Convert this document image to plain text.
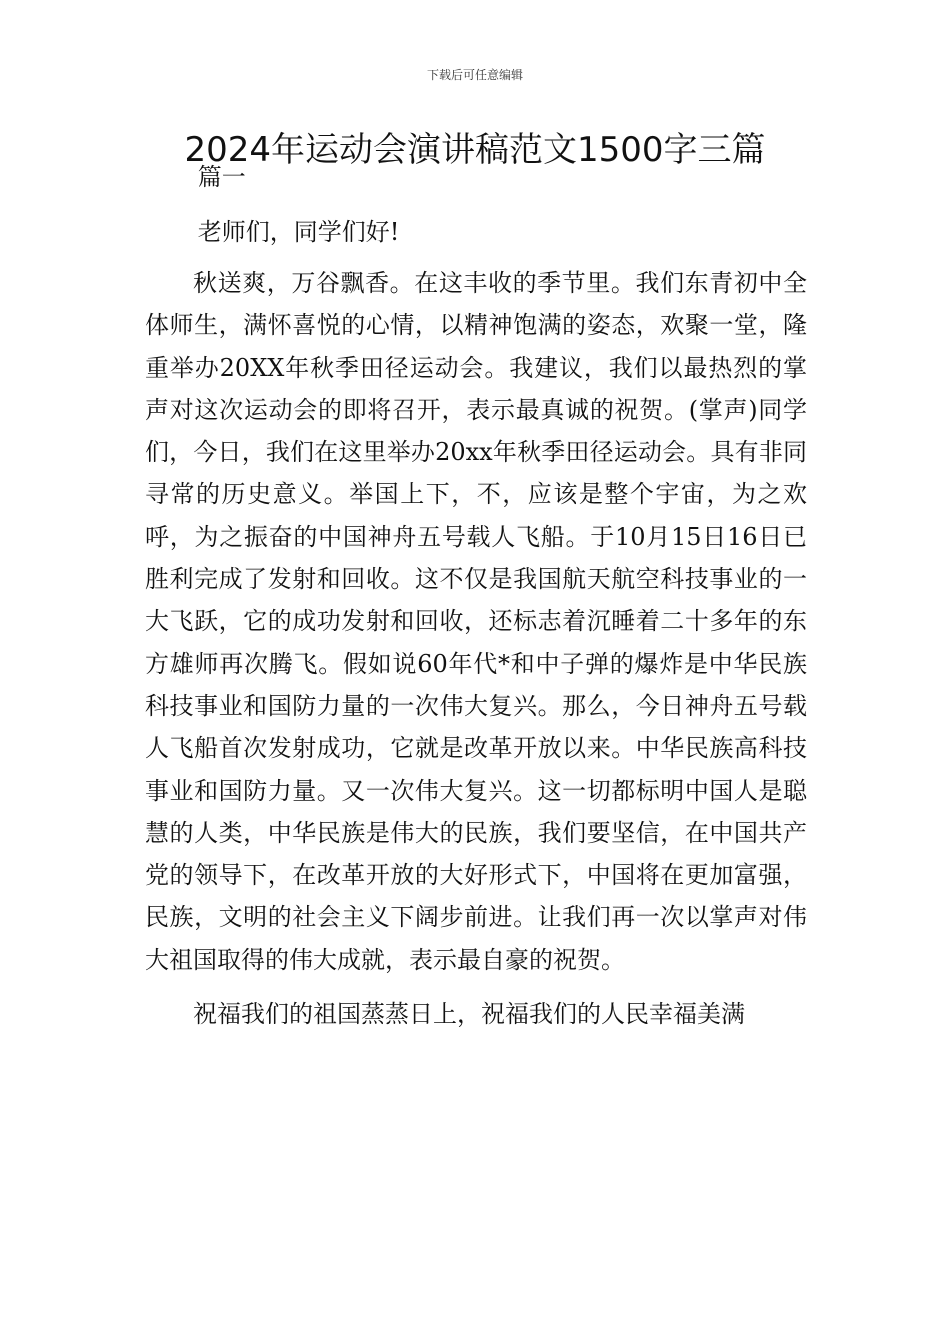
下载后可任意编辑
2024年运动会演讲稿范文1500字三篇

篇一

老师们，同学们好!

秋送爽，万谷飘香。在这丰收的季节里。我们东青初中全体师生，满怀喜悦的心情，以精神饱满的姿态，欢聚一堂，隆重举办20XX年秋季田径运动会。我建议，我们以最热烈的掌声对这次运动会的即将召开，表示最真诚的祝贺。(掌声)同学们，今日，我们在这里举办20xx年秋季田径运动会。具有非同寻常的历史意义。举国上下，不，应该是整个宇宙，为之欢呼，为之振奋的中国神舟五号载人飞船。于10月15日16日已胜利完成了发射和回收。这不仅是我国航天航空科技事业的一大飞跃，它的成功发射和回收，还标志着沉睡着二十多年的东方雄师再次腾飞。假如说60年代*和中子弹的爆炸是中华民族科技事业和国防力量的一次伟大复兴。那么，今日神舟五号载人飞船首次发射成功，它就是改革开放以来。中华民族高科技事业和国防力量。又一次伟大复兴。这一切都标明中国人是聪慧的人类，中华民族是伟大的民族，我们要坚信，在中国共产党的领导下，在改革开放的大好形式下，中国将在更加富强，民族，文明的社会主义下阔步前进。让我们再一次以掌声对伟大祖国取得的伟大成就，表示最自豪的祝贺。

祝福我们的祖国蒸蒸日上，祝福我们的人民幸福美满
